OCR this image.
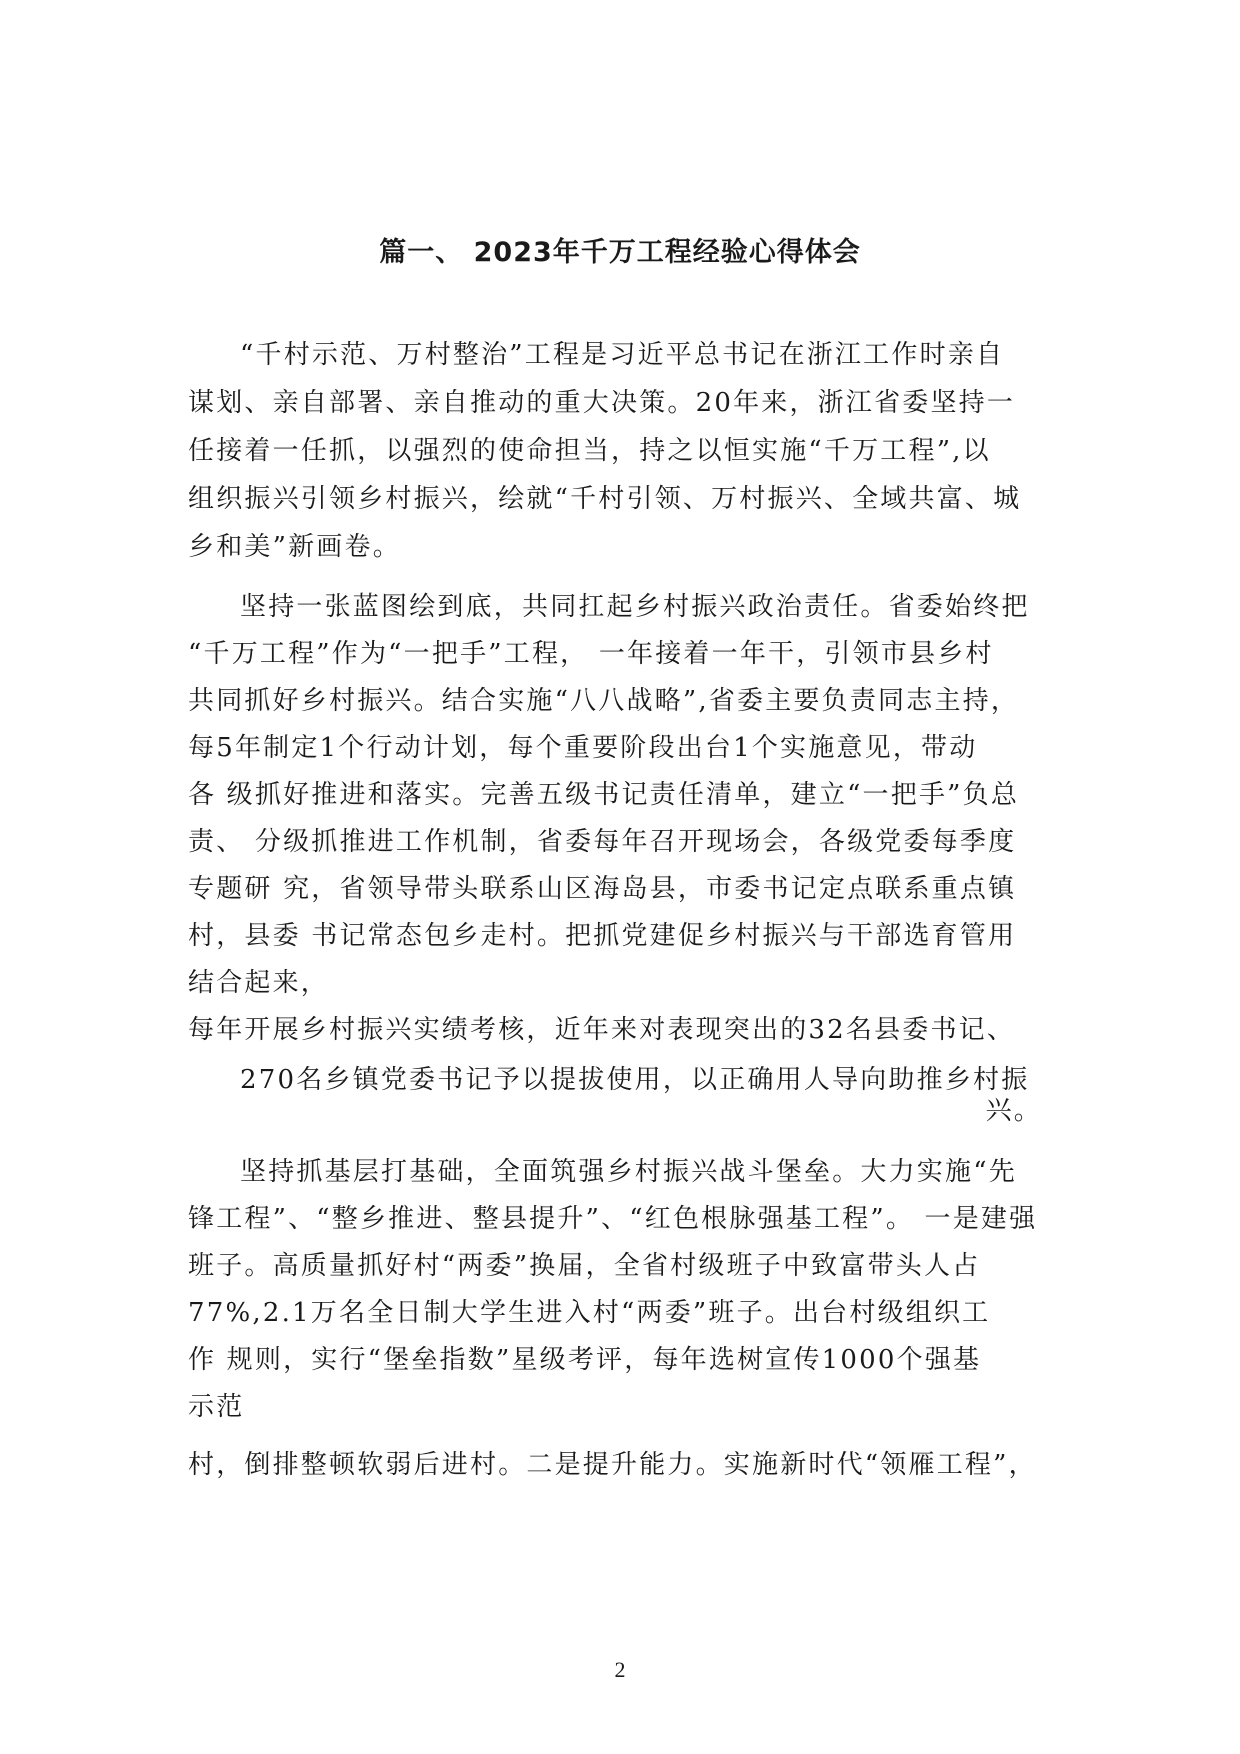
篇一、 2023年千万工程经验心得体会
“千村示范、万村整治”工程是习近平总书记在浙江工作时亲自
谋划、亲自部署、亲自推动的重大决策。20年来，浙江省委坚持一
任接着一任抓，以强烈的使命担当，持之以恒实施“千万工程”,以
组织振兴引领乡村振兴，绘就“千村引领、万村振兴、全域共富、城
乡和美”新画卷。
坚持一张蓝图绘到底，共同扛起乡村振兴政治责任。省委始终把
“千万工程”作为“一把手”工程， 一年接着一年干，引领市县乡村
共同抓好乡村振兴。结合实施“八八战略”,省委主要负责同志主持，
每5年制定1个行动计划，每个重要阶段出台1个实施意见，带动
各 级抓好推进和落实。完善五级书记责任清单，建立“一把手”负总
责、 分级抓推进工作机制，省委每年召开现场会，各级党委每季度
专题研 究，省领导带头联系山区海岛县，市委书记定点联系重点镇
村，县委 书记常态包乡走村。把抓党建促乡村振兴与干部选育管用
结合起来，
每年开展乡村振兴实绩考核，近年来对表现突出的32名县委书记、
270名乡镇党委书记予以提拔使用，以正确用人导向助推乡村振
兴。
坚持抓基层打基础，全面筑强乡村振兴战斗堡垒。大力实施“先
锋工程”、“整乡推进、整县提升”、“红色根脉强基工程”。 一是建强
班子。高质量抓好村“两委”换届，全省村级班子中致富带头人占
77%,2.1万名全日制大学生进入村“两委”班子。出台村级组织工
作 规则，实行“堡垒指数”星级考评，每年选树宣传1000个强基
示范
村，倒排整顿软弱后进村。二是提升能力。实施新时代“领雁工程”，
2
